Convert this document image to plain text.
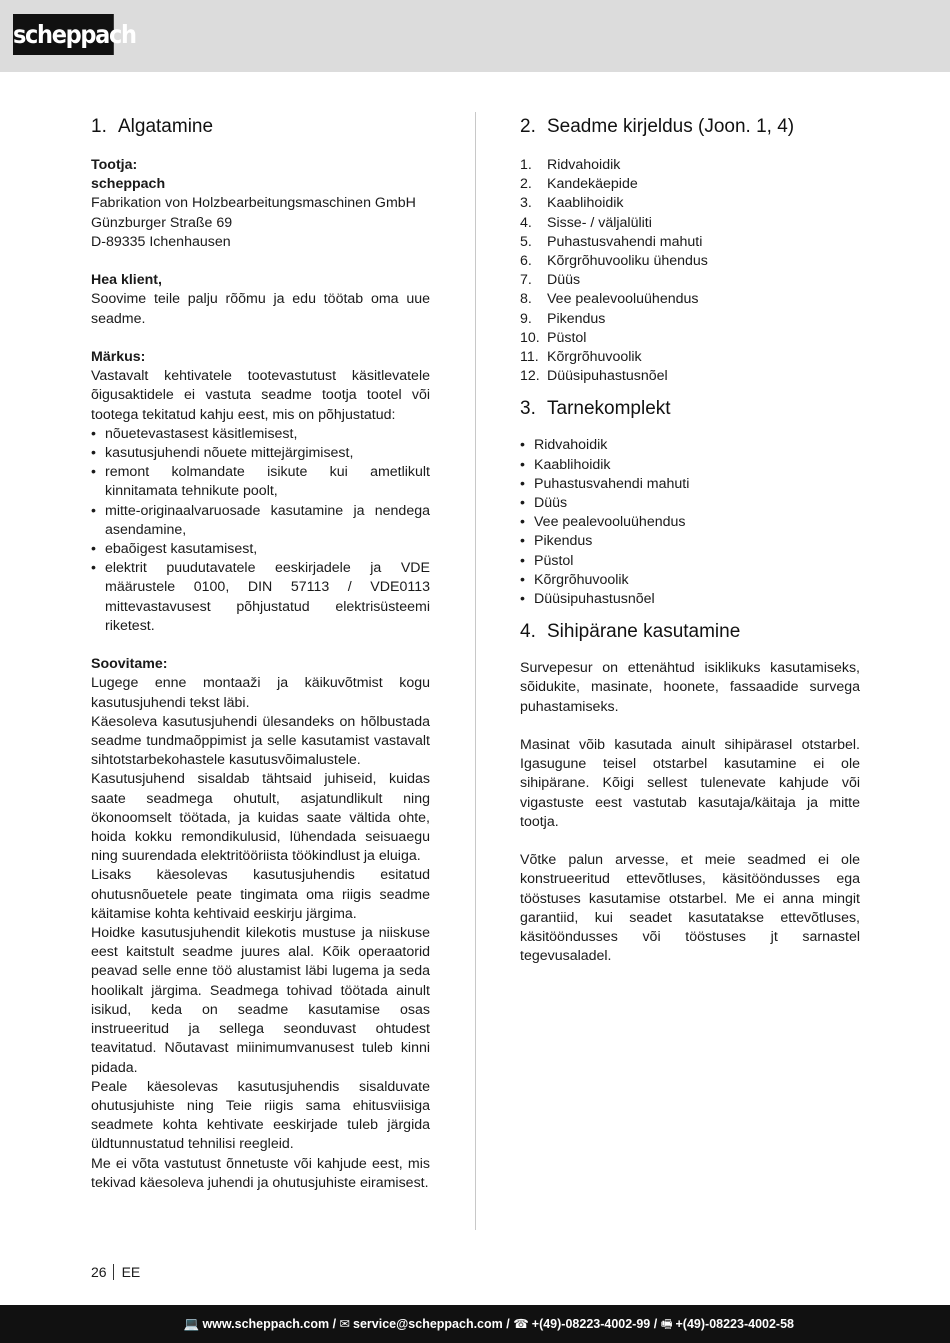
scheppach
1. Algatamine

Tootja:

scheppach

Fabrikation von Holzbearbeitungsmaschinen GmbH

Günzburger Straße 69

D-89335 Ichenhausen

Hea klient,

Soovime teile palju rõõmu ja edu töötab oma uue seadme.

Märkus:

Vastavalt kehtivatele tootevastutust käsitlevatele õigusaktidele ei vastuta seadme tootja tootel või tootega tekitatud kahju eest, mis on põhjustatud:

• nõuetevastasest käsitlemisest,
• kasutusjuhendi nõuete mittejärgimisest,
• remont kolmandate isikute kui ametlikult kinnitamata tehnikute poolt,
• mitte-originaalvaruosade kasutamine ja nendega asendamine,
• ebaõigest kasutamisest,
• elektrit puudutavatele eeskirjadele ja VDE määrustele 0100, DIN 57113 / VDE0113 mittevastavusest põhjustatud elektrisüsteemi riketest.

Soovitame:

Lugege enne montaaži ja käikuvõtmist kogu kasutusjuhendi tekst läbi.

Käesoleva kasutusjuhendi ülesandeks on hõlbustada seadme tundmaõppimist ja selle kasutamist vastavalt sihtotstarbekohastele kasutusvõimalustele.

Kasutusjuhend sisaldab tähtsaid juhiseid, kuidas saate seadmega ohutult, asjatundlikult ning ökonoomselt töötada, ja kuidas saate vältida ohte, hoida kokku remondikulusid, lühendada seisuaegu ning suurendada elektritööriista töökindlust ja eluiga.

Lisaks käesolevas kasutusjuhendis esitatud ohutusnõuetele peate tingimata oma riigis seadme käitamise kohta kehtivaid eeskirju järgima.

Hoidke kasutusjuhendit kilekotis mustuse ja niiskuse eest kaitstult seadme juures alal. Kõik operaatorid peavad selle enne töö alustamist läbi lugema ja seda hoolikalt järgima. Seadmega tohivad töötada ainult isikud, keda on seadme kasutamise osas instrueeritud ja sellega seonduvast ohtudest teavitatud. Nõutavast miinimumvanusest tuleb kinni pidada.

Peale käesolevas kasutusjuhendis sisalduvate ohutusjuhiste ning Teie riigis sama ehitusviisiga seadmete kohta kehtivate eeskirjade tuleb järgida üldtunnustatud tehnilisi reegleid.

Me ei võta vastutust õnnetuste või kahjude eest, mis tekivad käesoleva juhendi ja ohutusjuhiste eiramisest.

2. Seadme kirjeldus (Joon. 1, 4)
1. Ridvahoidik
2. Kandekäepide
3. Kaablihoidik
4. Sisse- / väljalüliti
5. Puhastusvahendi mahuti
6. Kõrgrõhuvooliku ühendus
7. Düüs
8. Vee pealevooluühendus
9. Pikendus
10. Püstol
11. Kõrgrõhuvoolik
12. Düüsipuhastusnõel
3. Tarnekomplekt
• Ridvahoidik
• Kaablihoidik
• Puhastusvahendi mahuti
• Düüs
• Vee pealevooluühendus
• Pikendus
• Püstol
• Kõrgrõhuvoolik
• Düüsipuhastusnõel
4. Sihipärane kasutamine

Survepesur on ettenähtud isiklikuks kasutamiseks, sõidukite, masinate, hoonete, fassaadide survega puhastamiseks.

Masinat võib kasutada ainult sihipärasel otstarbel. Igasugune teisel otstarbel kasutamine ei ole sihipärane. Kõigi sellest tulenevate kahjude või vigastuste eest vastutab kasutaja/käitaja ja mitte tootja.

Võtke palun arvesse, et meie seadmed ei ole konstrueeritud ettevõtluses, käsitööndusses ega tööstuses kasutamise otstarbel. Me ei anna mingit garantiid, kui seadet kasutatakse ettevõtluses, käsitööndusses või tööstuses jt sarnastel tegevusaladel.

26 EE
💻 www.scheppach.com / ✉ service@scheppach.com / ☎ +(49)-08223-4002-99 / 🖷 +(49)-08223-4002-58
